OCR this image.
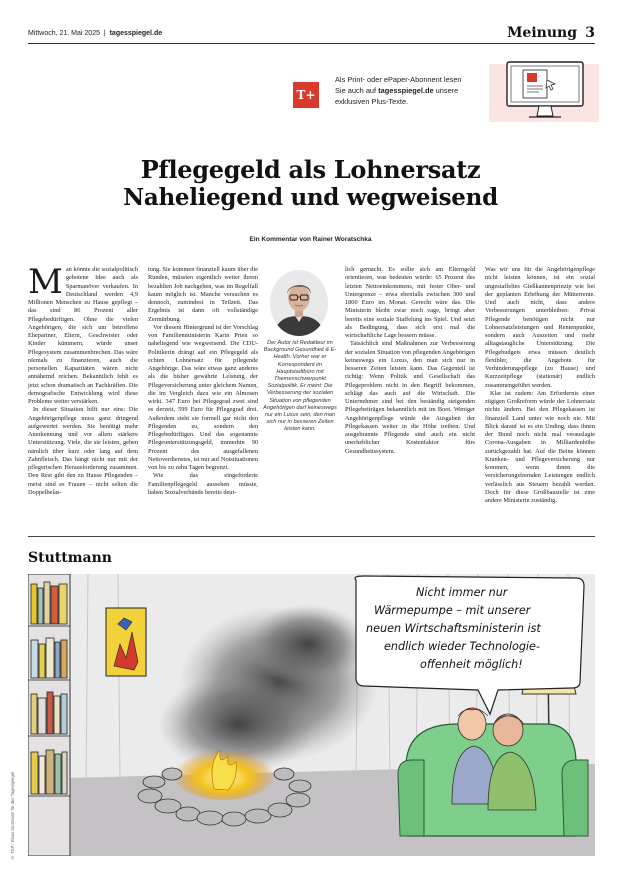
Mittwoch, 21. Mai 2025  |  tagesspiegel.de	Meinung 3
T+
Als Print- oder ePaper-Abonnent lesen
Sie auch auf tagesspiegel.de unsere
exklusiven Plus-Texte.
Pflegegeld als Lohnersatz
Naheliegend und wegweisend
Ein Kommentar von Rainer Woratschka

Man könnte die sozialpolitisch gebotene Idee auch als Sparmanöver verkaufen. In Deutschland werden 4,9 Millionen Menschen zu Hause gepflegt – das sind 86 Prozent aller Pflegebedürftigen. Ohne die vielen Angehörigen, die sich um betroffene Ehepartner, Eltern, Geschwister oder Kinder kümmern, würde unser Pflegesystem zusammenbrechen. Das wäre niemals zu finanzieren, auch die personellen Kapazitäten wären nicht annähernd reichen. Bekanntlich fehlt es jetzt schon dramatisch an Fachkräften. Die demografische Entwicklung wird diese Probleme weiter verstärken.

In dieser Situation hilft nur eins: Die Angehörigenpflege muss ganz dringend aufgewertet werden. Sie benötigt mehr Anerkennung und vor allem stärkere Unterstützung. Viele, die sie leisten, gehen nämlich über kurz oder lang auf dem Zahnfleisch. Das hängt nicht nur mit der pflegerischen Herausforderung zusammen. Den Rest gibt den zu Hause Pflegenden – meist sind es Frauen – nicht selten die Doppelbelas-

tung. Sie kommen finanziell kaum über die Runden, müssten eigentlich weiter ihrem bezahlten Job nachgehen, was im Regelfall kaum möglich ist. Manche versuchen es dennoch, zumindest in Teilzeit. Das Ergebnis ist dann oft vollständige Zermürbung.

Vor diesem Hintergrund ist der Vorschlag von Familienministerin Karin Prien so naheliegend wie wegweisend. Die CDU-Politikerin drängt auf ein Pflegegeld als echten Lohnersatz für pflegende Angehörige. Das wäre etwas ganz anderes als die bisher gewährte Leistung der Pflegeversicherung unter gleichem Namen, die im Vergleich dazu wie ein Almosen wirkt. 347 Euro bei Pflegegrad zwei sind es derzeit, 599 Euro für Pflegegrad drei. Außerdem steht sie formell gar nicht den Pflegenden zu, sondern den Pflegebedürftigen. Und das sogenannte Pflegeunterstützungsgeld, immerhin 90 Prozent des ausgefallenen Nettoverdienstes, ist nur auf Notsituationen von bis zu zehn Tagen begrenzt.

Wie das eingeforderte Familienpflegegeld aussehen müsste, haben Sozialverbände bereits deut-

Der Autor ist Redakteur im Background Gesundheit & E-Health. Vorher war er Korrespondent im Hauptstadtbüro mit Themenschwerpunkt Sozialpolitik. Er meint: Die Verbesserung der sozialen Situation von pflegenden Angehörigen darf keineswegs nur ein Luxus sein, den man sich nur in besseren Zeiten leisten kann.

lich gemacht. Es sollte sich am Elterngeld orientieren, was bedeuten würde: 65 Prozent des letzten Nettoeinkommens, mit fester Ober- und Untergrenze – etwa ebenfalls zwischen 300 und 1800 Euro im Monat. Gerecht wäre das. Die Ministerin bleibt zwar noch vage, bringt aber bereits eine soziale Staffelung ins Spiel. Und setzt als Bedingung, dass sich erst mal die wirtschaftliche Lage bessern müsse.

Tatsächlich sind Maßnahmen zur Verbesserung der sozialen Situation von pflegenden Angehörigen keineswegs ein Luxus, den man sich nur in besseren Zeiten leisten kann. Das Gegenteil ist richtig: Wenn Politik und Gesellschaft das Pflegeproblem nicht in den Begriff bekommen, schlägt das auch auf die Wirtschaft. Die Unternehmer sind bei den beständig steigenden Pflegebeiträgen bekanntlich mit im Boot. Weniger Angehörigenpflege würde die Ausgaben der Pflegekassen weiter in die Höhe treiben. Und ausgebrannte Pflegende sind auch ein nicht unerheblicher Kostenfaktor fürs Gesundheitssystem.

Was wir uns für die Angehörigenpflege nicht leisten können, ist ein sozial ungestaffeltes Gießkannenprinzip wie bei der geplanten Erhöhung der Mütterrente. Und auch nicht, dass andere Verbesserungen unterbleiben: Privat Pflegende benötigen nicht nur Lohnersatzleistungen und Rentenpunkte, sondern auch Auszeiten und mehr alltagstaugliche Unterstützung. Die Pflegebudgets etwa müssen deutlich flexibler, die Angebote für Verhinderungspflege (zu Hause) und Kurzzeitpflege (stationär) endlich zusammengeführt werden.

Klar ist zudem: Am Erfordernis einer zügigen Großreform würde der Lohnersatz nichts ändern. Bei den Pflegekassen ist finanziell Land unter wie noch nie. Mit Blick darauf ist es ein Unding, dass ihnen der Bund noch nicht mal verauslagte Corona-Ausgaben in Milliardenhöhe zurückgezahlt hat. Auf die Beine können Kranken- und Pflegeversicherung nur kommen, wenn ihnen die versicherungsfremden Leistungen endlich verlässlich aus Steuern bezahlt werden. Doch für diese Großbaustelle ist eine andere Ministerin zuständig.

Stuttmann
Nicht immer nur
Wärmepumpe – mit unserer
neuen Wirtschaftsministerin ist
endlich wieder Technologie-
offenheit möglich!
© TSP / Klaus Stuttmann für den Tagesspiegel
